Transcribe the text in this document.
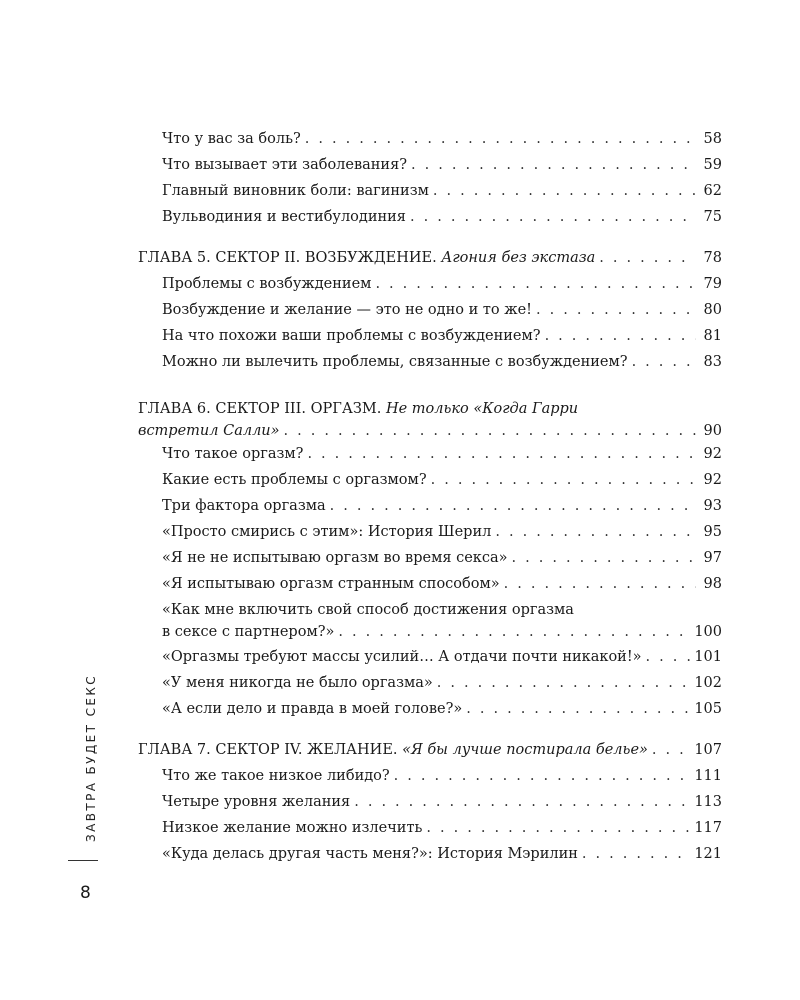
Что у вас за боль? . . .	58
Что вызывает эти заболевания? . . .	59
Главный виновник боли: вагинизм . . .	62
Вульводиния и вестибулодиния . . .	75
ГЛАВА 5. СЕКТОР II. ВОЗБУЖДЕНИЕ. Агония без экстаза . . .	78
Проблемы с возбуждением . . .	79
Возбуждение и желание — это не одно и то же! . . .	80
На что похожи ваши проблемы с возбуждением? . . .	81
Можно ли вылечить проблемы, связанные с возбуждением? . . .	83
ГЛАВА 6. СЕКТОР III. ОРГАЗМ. Не только «Когда Гарри
встретил Салли» . . .	90
Что такое оргазм? . . .	92
Какие есть проблемы с оргазмом? . . .	92
Три фактора оргазма . . .	93
«Просто смирись с этим»: История Шерил . . .	95
«Я не не испытываю оргазм во время секса» . . .	97
«Я испытываю оргазм странным способом» . . .	98
«Как мне включить свой способ достижения оргазма
в сексе с партнером?» . . .	100
«Оргазмы требуют массы усилий… А отдачи почти никакой!» . . .	101
«У меня никогда не было оргазма» . . .	102
«А если дело и правда в моей голове?» . . .	105
ГЛАВА 7. СЕКТОР IV. ЖЕЛАНИЕ. «Я бы лучше постирала белье» . . .	107
Что же такое низкое либидо? . . .	111
Четыре уровня желания . . .	113
Низкое желание можно излечить . . .	117
«Куда делась другая часть меня?»: История Мэрилин . . .	121
ЗАВТРА БУДЕТ СЕКС
8
